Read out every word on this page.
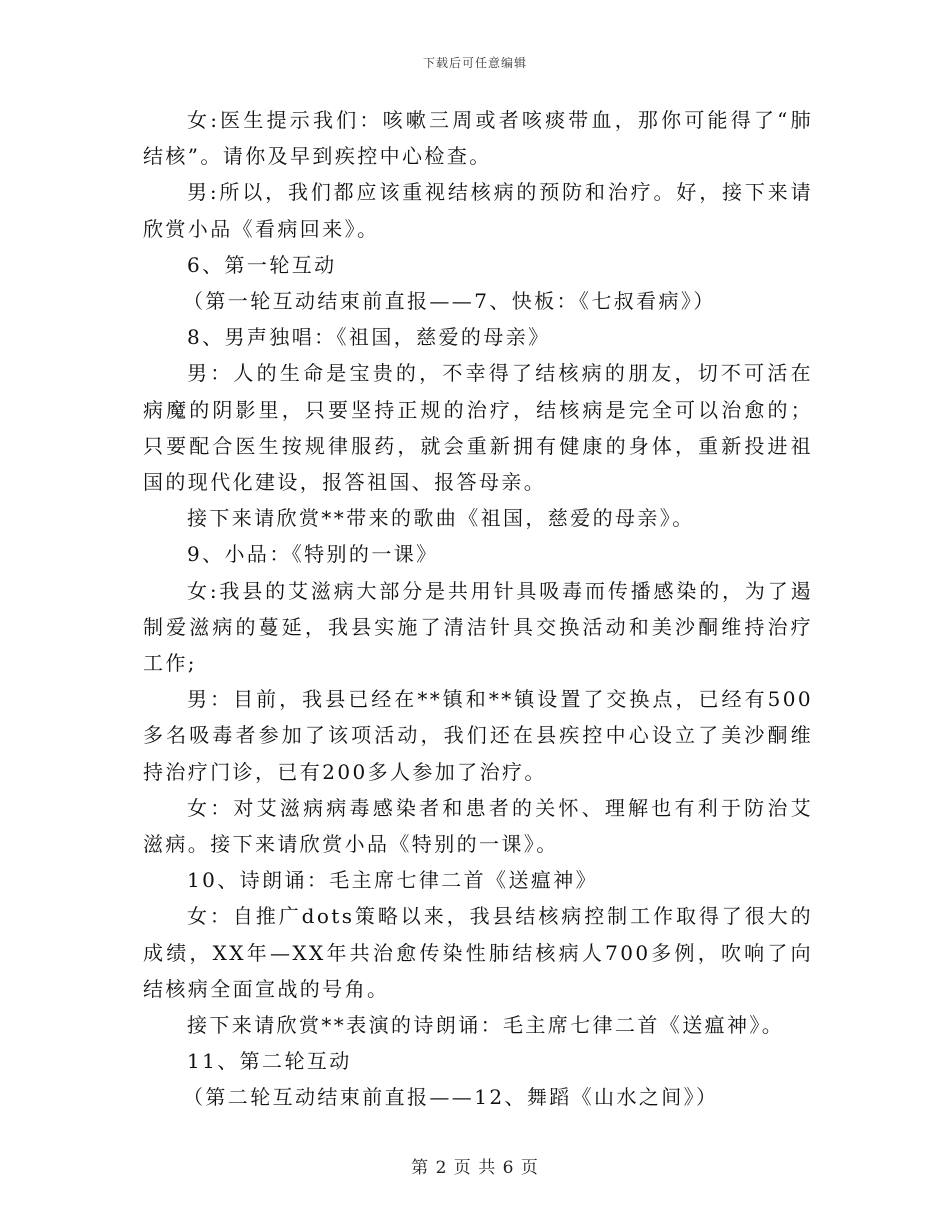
下载后可任意编辑

女:医生提示我们：咳嗽三周或者咳痰带血，那你可能得了“肺结核”。请你及早到疾控中心检查。

男:所以，我们都应该重视结核病的预防和治疗。好，接下来请欣赏小品《看病回来》。

6、第一轮互动

（第一轮互动结束前直报——7、快板：《七叔看病》）

8、男声独唱：《祖国，慈爱的母亲》

男：人的生命是宝贵的，不幸得了结核病的朋友，切不可活在病魔的阴影里，只要坚持正规的治疗，结核病是完全可以治愈的；只要配合医生按规律服药，就会重新拥有健康的身体，重新投进祖国的现代化建设，报答祖国、报答母亲。

接下来请欣赏**带来的歌曲《祖国，慈爱的母亲》。

9、小品：《特别的一课》

女:我县的艾滋病大部分是共用针具吸毒而传播感染的，为了遏制爱滋病的蔓延，我县实施了清洁针具交换活动和美沙酮维持治疗工作;

男：目前，我县已经在**镇和**镇设置了交换点，已经有500多名吸毒者参加了该项活动，我们还在县疾控中心设立了美沙酮维持治疗门诊，已有200多人参加了治疗。

女：对艾滋病病毒感染者和患者的关怀、理解也有利于防治艾滋病。接下来请欣赏小品《特别的一课》。

10、诗朗诵：毛主席七律二首《送瘟神》

女：自推广dots策略以来，我县结核病控制工作取得了很大的成绩，XX年—XX年共治愈传染性肺结核病人700多例，吹响了向结核病全面宣战的号角。

接下来请欣赏**表演的诗朗诵：毛主席七律二首《送瘟神》。

11、第二轮互动

（第二轮互动结束前直报——12、舞蹈《山水之间》）

第 2 页 共 6 页
